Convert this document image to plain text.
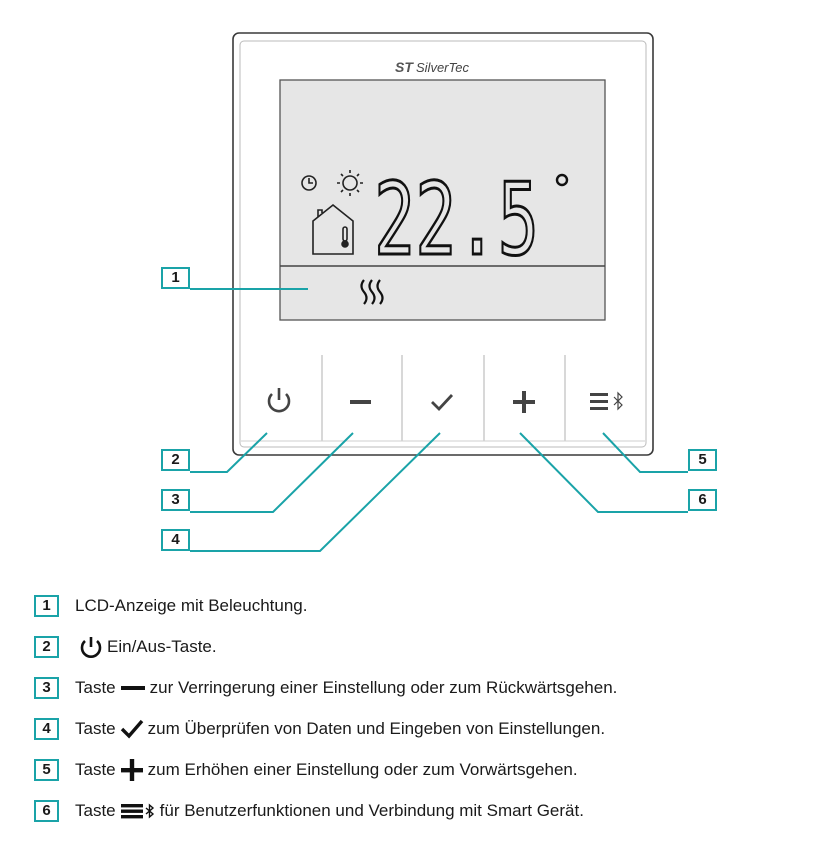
ST SilverTec
22.5
1
2
3
4
5
6
1	LCD-Anzeige mit Beleuchtung.
2	Ein/Aus-Taste.
3	Taste zur Verringerung einer Einstellung oder zum Rückwärtsgehen.
4	Taste zum Überprüfen von Daten und Eingeben von Einstellungen.
5	Taste zum Erhöhen einer Einstellung oder zum Vorwärtsgehen.
6	Taste	für Benutzerfunktionen und Verbindung mit Smart Gerät.
